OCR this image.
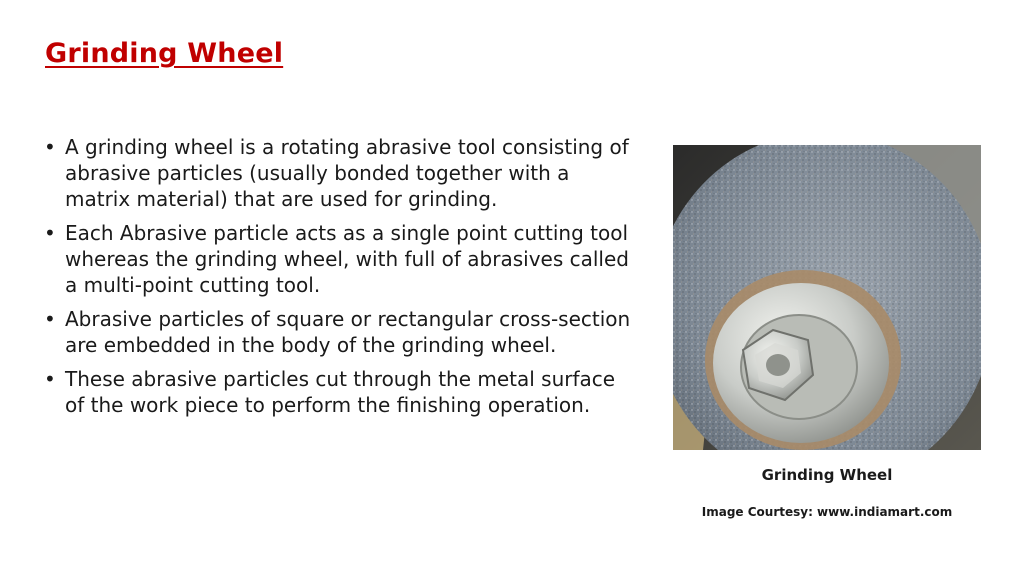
Grinding Wheel
• A grinding wheel is a rotating abrasive tool consisting of abrasive particles (usually bonded together with a matrix material) that are used for grinding.
• Each Abrasive particle acts as a single point cutting tool whereas the grinding wheel, with full of abrasives called a multi-point cutting tool.
• Abrasive particles of square or rectangular cross-section are embedded in the body of the grinding wheel.
• These abrasive particles cut through the metal surface of the work piece to perform the finishing operation.
Grinding Wheel
Image Courtesy: www.indiamart.com
